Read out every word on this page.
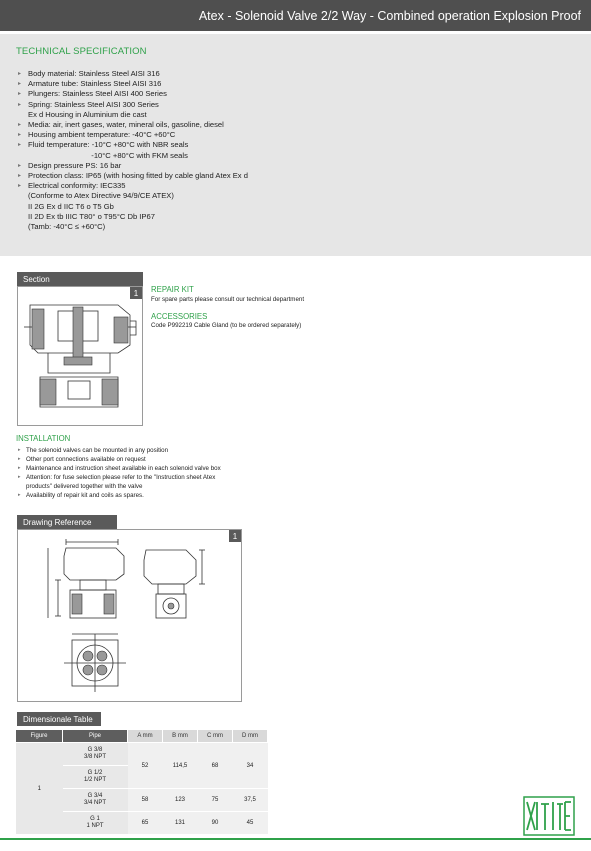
Atex - Solenoid Valve 2/2 Way - Combined operation Explosion Proof
TECHNICAL SPECIFICATION
▸ Body material: Stainless Steel AISI 316
▸ Armature tube: Stainless Steel AISI 316
▸ Plungers: Stainless Steel AISI 400 Series
▸ Spring: Stainless Steel AISI 300 Series
Ex d Housing in Aluminium die cast
▸ Media: air, inert gases, water, mineral oils, gasoline, diesel
▸ Housing ambient temperature: -40°C +60°C
▸ Fluid temperature: -10°C +80°C with NBR seals
-10°C +80°C with FKM seals
▸ Design pressure PS: 16 bar
▸ Protection class: IP65 (with hosing fitted by cable gland Atex Ex d
▸ Electrical conformity: IEC335
(Conforme to Atex Directive 94/9/CE ATEX)
II 2G Ex d IIC T6 o T5 Gb
II 2D Ex tb IIIC T80° o T95°C Db IP67
(Tamb: -40°C ≤ +60°C)
Section
1	REPAIR KIT
For spare parts please consult our technical department
ACCESSORIES
Code P992219 Cable Gland (to be ordered separately)
INSTALLATION
▸ The solenoid valves can be mounted in any position
▸ Other port connections available on request
▸ Maintenance and instruction sheet available in each solenoid valve box
▸ Attention: for fuse selection please refer to the "Instruction sheet Atex
products" delivered together with the valve
▸ Availability of repair kit and coils as spares.
Drawing Reference
1
Dimensionale Table
Figure	Pipe	A mm	B mm	C mm	D mm
1	G 3/8
3/8 NPT	52	114,5	68	34

	G 1/2
1/2 NPT				

	G 3/4
3/4 NPT	58	123	75	37,5

	G 1
1 NPT	65	131	90	45
